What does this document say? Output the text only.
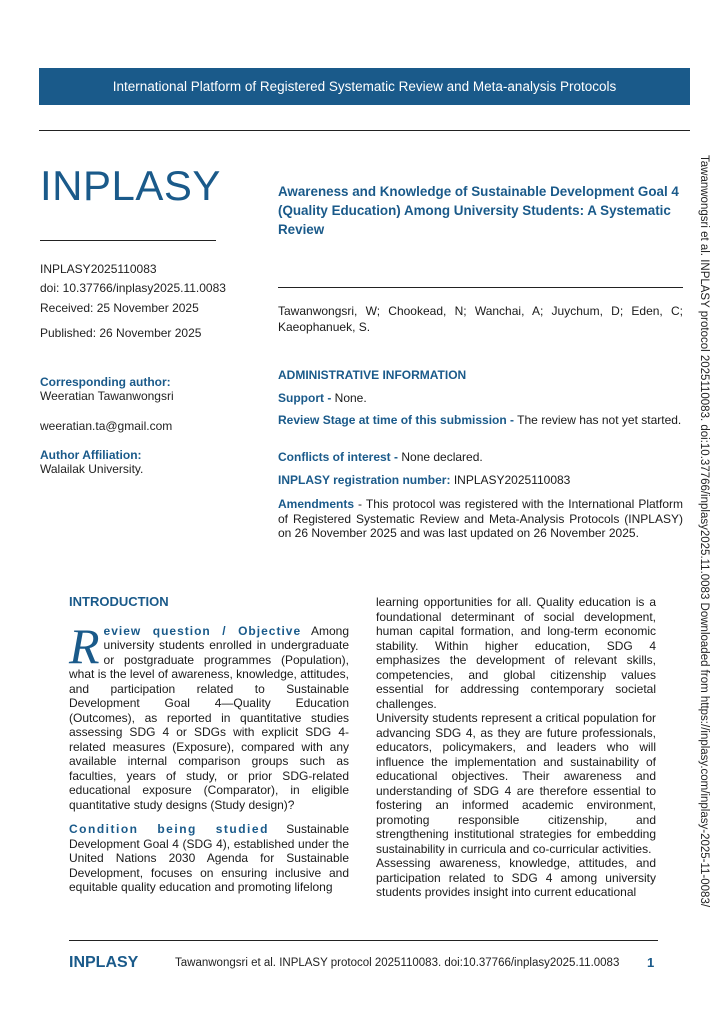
International Platform of Registered Systematic Review and Meta-analysis Protocols
INPLASY
INPLASY2025110083
doi: 10.37766/inplasy2025.11.0083
Received: 25 November 2025
Published: 26 November 2025
Corresponding author:
Weeratian Tawanwongsri
weeratian.ta@gmail.com
Author Affiliation:
Walailak University.
Awareness and Knowledge of Sustainable Development Goal 4 (Quality Education) Among University Students: A Systematic Review
Tawanwongsri, W; Chookead, N; Wanchai, A; Juychum, D; Eden, C; Kaeophanuek, S.
ADMINISTRATIVE INFORMATION
Support - None.
Review Stage at time of this submission - The review has not yet started.
Conflicts of interest - None declared.
INPLASY registration number: INPLASY2025110083
Amendments - This protocol was registered with the International Platform of Registered Systematic Review and Meta-Analysis Protocols (INPLASY) on 26 November 2025 and was last updated on 26 November 2025.	Tawanwongsri et al. INPLASY protocol 2025110083. doi:10.37766/inplasy2025.11.0083 Downloaded from https://inplasy.com/inplasy-2025-11-0083/
INTRODUCTION

Review question / Objective Among university students enrolled in undergraduate or postgraduate programmes (Population), what is the level of awareness, knowledge, attitudes, and participation related to Sustainable Development Goal 4—Quality Education (Outcomes), as reported in quantitative studies assessing SDG 4 or SDGs with explicit SDG 4-related measures (Exposure), compared with any available internal comparison groups such as faculties, years of study, or prior SDG-related educational exposure (Comparator), in eligible quantitative study designs (Study design)?

Condition being studied Sustainable Development Goal 4 (SDG 4), established under the United Nations 2030 Agenda for Sustainable Development, focuses on ensuring inclusive and equitable quality education and promoting lifelong

learning opportunities for all. Quality education is a foundational determinant of social development, human capital formation, and long-term economic stability. Within higher education, SDG 4 emphasizes the development of relevant skills, competencies, and global citizenship values essential for addressing contemporary societal challenges.

University students represent a critical population for advancing SDG 4, as they are future professionals, educators, policymakers, and leaders who will influence the implementation and sustainability of educational objectives. Their awareness and understanding of SDG 4 are therefore essential to fostering an informed academic environment, promoting responsible citizenship, and strengthening institutional strategies for embedding sustainability in curricula and co-curricular activities.

Assessing awareness, knowledge, attitudes, and participation related to SDG 4 among university students provides insight into current educational

INPLASY	Tawanwongsri et al. INPLASY protocol 2025110083. doi:10.37766/inplasy2025.11.0083 1
